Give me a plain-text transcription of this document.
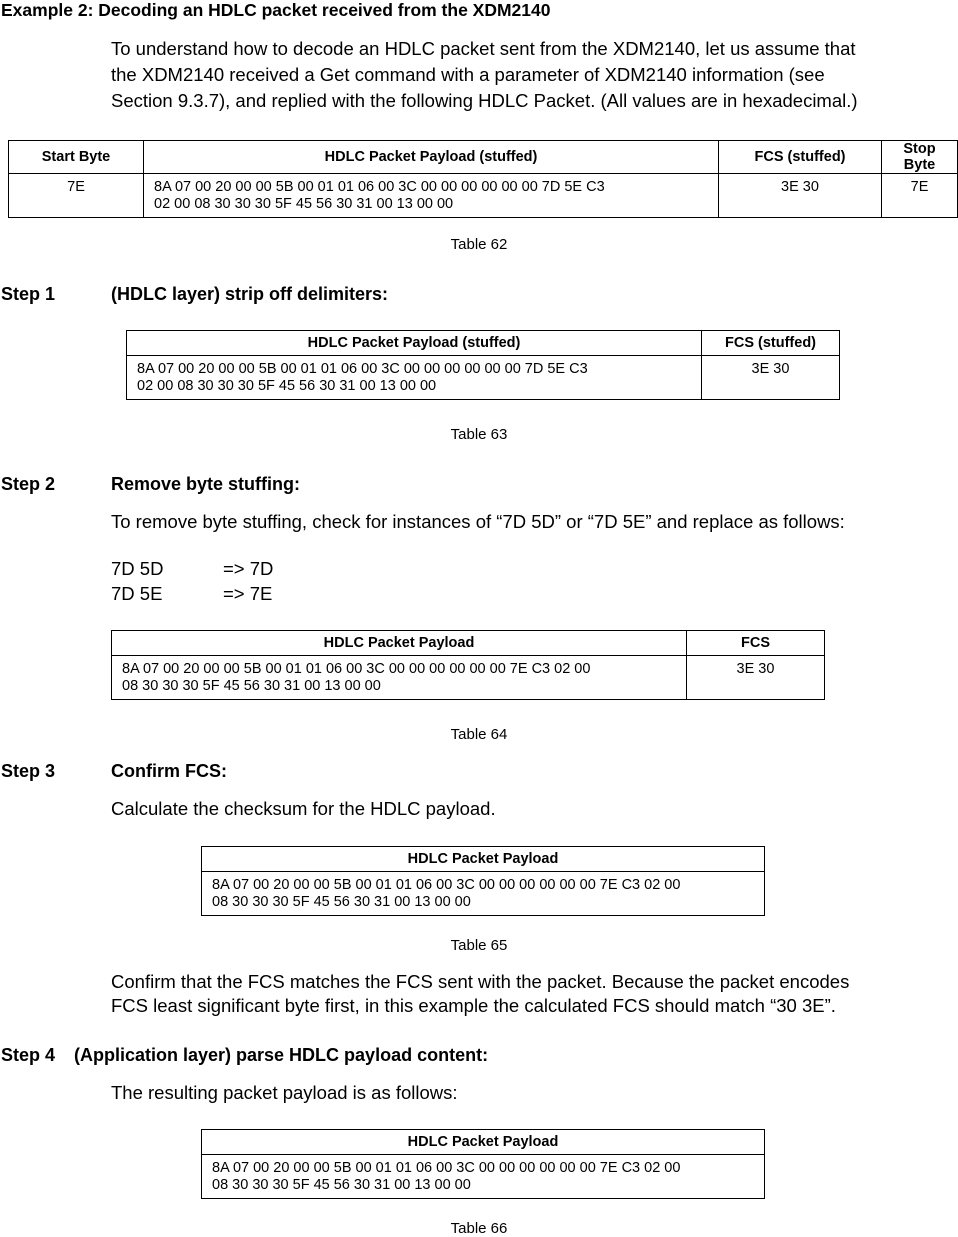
Example 2: Decoding an HDLC packet received from the XDM2140
To understand how to decode an HDLC packet sent from the XDM2140, let us assume that
the XDM2140 received a Get command with a parameter of XDM2140 information (see
Section 9.3.7), and replied with the following HDLC Packet. (All values are in hexadecimal.)
Start Byte	HDLC Packet Payload (stuffed)	FCS (stuffed)	Stop Byte
7E	8A 07 00 20 00 00 5B 00 01 01 06 00 3C 00 00 00 00 00 00 7D 5E C3
02 00 08 30 30 30 5F 45 56 30 31 00 13 00 00	3E 30	7E
Table 62
Step 1	(HDLC layer) strip off delimiters:
HDLC Packet Payload (stuffed)	FCS (stuffed)

8A 07 00 20 00 00 5B 00 01 01 06 00 3C 00 00 00 00 00 00 7D 5E C3
02 00 08 30 30 30 5F 45 56 30 31 00 13 00 00	3E 30
Table 63
Step 2	Remove byte stuffing:
To remove byte stuffing, check for instances of “7D 5D” or “7D 5E” and replace as follows:
7D 5D	=> 7D
7D 5E	=> 7E
HDLC Packet Payload	FCS

8A 07 00 20 00 00 5B 00 01 01 06 00 3C 00 00 00 00 00 00 7E C3 02 00
08 30 30 30 5F 45 56 30 31 00 13 00 00	3E 30
Table 64
Step 3	Confirm FCS:
Calculate the checksum for the HDLC payload.
HDLC Packet Payload

8A 07 00 20 00 00 5B 00 01 01 06 00 3C 00 00 00 00 00 00 7E C3 02 00
08 30 30 30 5F 45 56 30 31 00 13 00 00
Table 65
Confirm that the FCS matches the FCS sent with the packet. Because the packet encodes
FCS least significant byte first, in this example the calculated FCS should match “30 3E”.
Step 4 (Application layer) parse HDLC payload content:
The resulting packet payload is as follows:
HDLC Packet Payload

8A 07 00 20 00 00 5B 00 01 01 06 00 3C 00 00 00 00 00 00 7E C3 02 00
08 30 30 30 5F 45 56 30 31 00 13 00 00
Table 66
